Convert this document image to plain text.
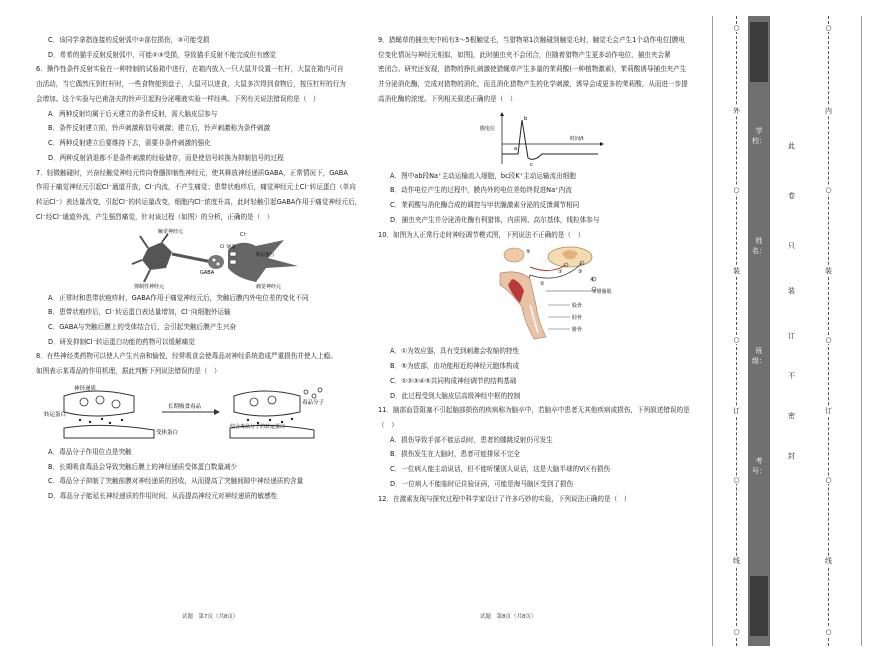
C．该同学拿指连接的反射弧中②部位损伤，③可能受损
D．希希的猫手反射反射弧中，可能②③受损，导致猫手反射不能完成但有感觉
6．操作性条件反射实验在一种特制的试验箱中进行，在箱内放入一只大鼠并设置一杠杆，大鼠在箱内可自
由活动，当它偶然压到杠杆时，一些食物便到盘子，大鼠可以进食，大鼠多次得到食物后，按压杠杆的行为
会增加。这个实验与巴甫洛夫的铃声引起狗分泌唾液实验一样经典。下列有关说法错误的是（　）
A．两种反射均属于后天建立的条件反射，需大脑皮层参与
B．条件反射建立前，铃声刺激称信号刺激；建立后，铃声刺激称为条件刺激
C．两种反射建立后要维持下去，需要非条件刺激的强化
D．两种反射消退都不是条件刺激的经验储存，而是使信号转换为抑制信号的过程
7．轻微触碰时，兴奋经触觉神经元传向脊髓抑制性神经元，使其释放神经递质GABA，正常情况下，GABA
作用于痛觉神经元引起Cl⁻通道开放，Cl⁻内流，不产生痛觉；患带状疱疹后，痛觉神经元上Cl⁻转运蛋白（单向
转运Cl⁻）表达量改变，引起Cl⁻的转运量改变，细胞内Cl⁻浓度升高，此时轻触引起GABA作用于痛觉神经元后，
Cl⁻经Cl⁻通道外流，产生强烈痛觉，针对该过程（如图）的分析，正确的是（　）
触觉神经元	Cl⁻
Cl⁻通道
转运蛋白
GABA
抑制性神经元	痛觉神经元
A．正常时和患带状疱疹时，GABA作用于痛觉神经元后，突触后膜内外电位差的变化不同
B．患带状疱疹后，Cl⁻转运蛋白表达量增加，Cl⁻向细胞外运输
C．GABA与突触后膜上的受体结合后，会引起突触后膜产生兴奋
D．研发抑制Cl⁻转运蛋白功能的药物可以缓解痛觉
8．有些神经类药物可以使人产生兴奋和愉悦，经常吸食会使毒品对神经系统造成严重损伤并使人上瘾。
如图表示某毒品的作用机理，据此判断下列说法错误的是（　）
神经递质
长期吸食毒品
毒品分子
转运蛋白
受体蛋白
结合毒品分子的转运蛋白
A．毒品分子作用位点是突触
B．长期吸食毒品会导致突触后膜上的神经递质受体蛋白数量减少
C．毒品分子抑制了突触前膜对神经递质的回收，从而提高了突触间隙中神经递质的含量
D．毒品分子能延长神经递质的作用时间，从而提高神经元对神经递质的敏感性
试题　第7页（共8页）
9．猎蝇草的捕虫夹中间有3～5根触觉毛，当猎物第1次触碰到触觉毛时，触觉毛会产生1个动作电位[膜电
位变化情况与神经元相似，如图]，此时捕虫夹不会闭合，但随着猎物产生更多动作电位，捕虫夹会紧
密闭合。研究还发现，猎物的挣扎刺激使猎蝇草产生多量的茉莉酸(一种植物激素)，茉莉酸诱导捕虫夹产生
并分泌消化酶，完成对猎物的消化，而且消化猎物产生的化学刺激，诱导会成更多的茉莉酸，从而进一步提
高消化酶的浓度。下列相关叙述正确的是（　）
膜电位
时间/t
a
b
c
A．图中ab段Na⁺主动运输流入细胞，bc段K⁺主动运输流出细胞
B．动作电位产生的过程中，膜内外的电位差始终促进Na⁺内流
C．茉莉酸与消化酶合成的调控与甲状腺激素分泌的反馈调节相同
D．捕虫夹产生并分泌消化酶有利猎体，内质网、高尔基体，线粒体参与
10．如图为人正常行走时神经调节模式图，下列说法不正确的是（　）
①
②
③
④
⑤
①腓肠肌
股骨
胫骨
腓骨
A．①为效应器，具有受到刺激会收缩的特性
B．⑤为底部，由功能相近的神经元胞体构成
C．①②③④⑤共同构成神经调节的结构基础
D．此过程受到大脑皮层高级神经中枢的控制
11．脑部血管阻塞不引起脑部损伤的疾病称为脑卒中，若脑卒中患者无其他疾病或损伤，下列叙述错误的是
（　）
A．损伤导致手部不能运动时，患者的膝跳反射仍可发生
B．损伤发生在大脑时，患者可能排尿不完全
C．一位病人能主动说话，但不能听懂别人说话，这是大脑半球的V区有损伤
D．一位病人不能临时记住验证码，可能是海马脑区受到了损伤
12．在激素发现与探究过程中科学家设计了许多巧妙的实验，下列说法正确的是（　）
试题　第8页（共8页）
○
外
○
装
○
订
○
线
○
学校：
姓名：
班级：
考号：
此
卷
只
装
订
不
密
封
○
内
○
装
○
订
○
线
○
